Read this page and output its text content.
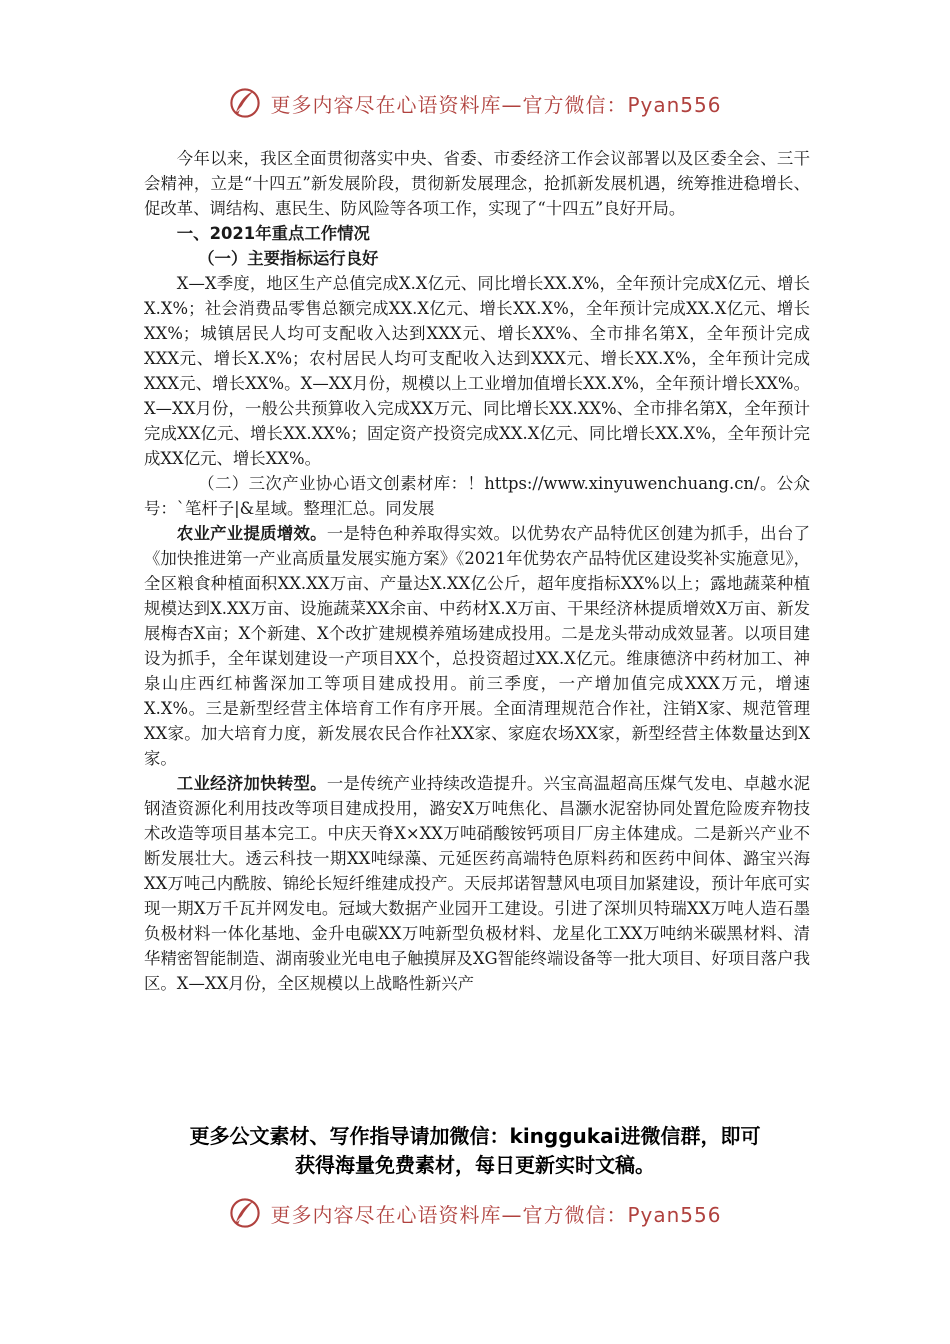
更多内容尽在心语资料库—官方微信：Pyan556

今年以来，我区全面贯彻落实中央、省委、市委经济工作会议部署以及区委全会、三干会精神，立是“十四五”新发展阶段，贯彻新发展理念，抢抓新发展机遇，统筹推进稳增长、促改革、调结构、惠民生、防风险等各项工作，实现了“十四五”良好开局。

一、2021年重点工作情况

（一）主要指标运行良好

X—X季度，地区生产总值完成X.X亿元、同比增长XX.X%，全年预计完成X亿元、增长X.X%；社会消费品零售总额完成XX.X亿元、增长XX.X%，全年预计完成XX.X亿元、增长XX%；城镇居民人均可支配收入达到XXX元、增长XX%、全市排名第X，全年预计完成XXX元、增长X.X%；农村居民人均可支配收入达到XXX元、增长XX.X%，全年预计完成XXX元、增长XX%。X—XX月份，规模以上工业增加值增长XX.X%，全年预计增长XX%。X—XX月份，一般公共预算收入完成XX万元、同比增长XX.XX%、全市排名第X，全年预计完成XX亿元、增长XX.XX%；固定资产投资完成XX.X亿元、同比增长XX.X%，全年预计完成XX亿元、增长XX%。

（二）三次产业协心语文创素材库：！https://www.xinyuwenchuang.cn/。公众号：`笔杆子|&星域。整理汇总。同发展

农业产业提质增效。一是特色种养取得实效。以优势农产品特优区创建为抓手，出台了《加快推进第一产业高质量发展实施方案》《2021年优势农产品特优区建设奖补实施意见》，全区粮食种植面积XX.XX万亩、产量达X.XX亿公斤，超年度指标XX%以上；露地蔬菜种植规模达到X.XX万亩、设施蔬菜XX余亩、中药材X.X万亩、干果经济林提质增效X万亩、新发展梅杏X亩；X个新建、X个改扩建规模养殖场建成投用。二是龙头带动成效显著。以项目建设为抓手，全年谋划建设一产项目XX个，总投资超过XX.X亿元。维康德济中药材加工、神泉山庄西红柿酱深加工等项目建成投用。前三季度，一产增加值完成XXX万元，增速X.X%。三是新型经营主体培育工作有序开展。全面清理规范合作社，注销X家、规范管理XX家。加大培育力度，新发展农民合作社XX家、家庭农场XX家，新型经营主体数量达到X家。

工业经济加快转型。一是传统产业持续改造提升。兴宝高温超高压煤气发电、卓越水泥钢渣资源化利用技改等项目建成投用，潞安X万吨焦化、昌灏水泥窑协同处置危险废弃物技术改造等项目基本完工。中庆天脊X×XX万吨硝酸铵钙项目厂房主体建成。二是新兴产业不断发展壮大。透云科技一期XX吨绿藻、元延医药高端特色原料药和医药中间体、潞宝兴海XX万吨己内酰胺、锦纶长短纤维建成投产。天辰邦诺智慧风电项目加紧建设，预计年底可实现一期X万千瓦并网发电。冠域大数据产业园开工建设。引进了深圳贝特瑞XX万吨人造石墨负极材料一体化基地、金升电碳XX万吨新型负极材料、龙星化工XX万吨纳米碳黑材料、清华精密智能制造、湖南骏业光电电子触摸屏及XG智能终端设备等一批大项目、好项目落户我区。X—XX月份，全区规模以上战略性新兴产

更多公文素材、写作指导请加微信：kinggukai进微信群，即可
获得海量免费素材，每日更新实时文稿。
更多内容尽在心语资料库—官方微信：Pyan556
